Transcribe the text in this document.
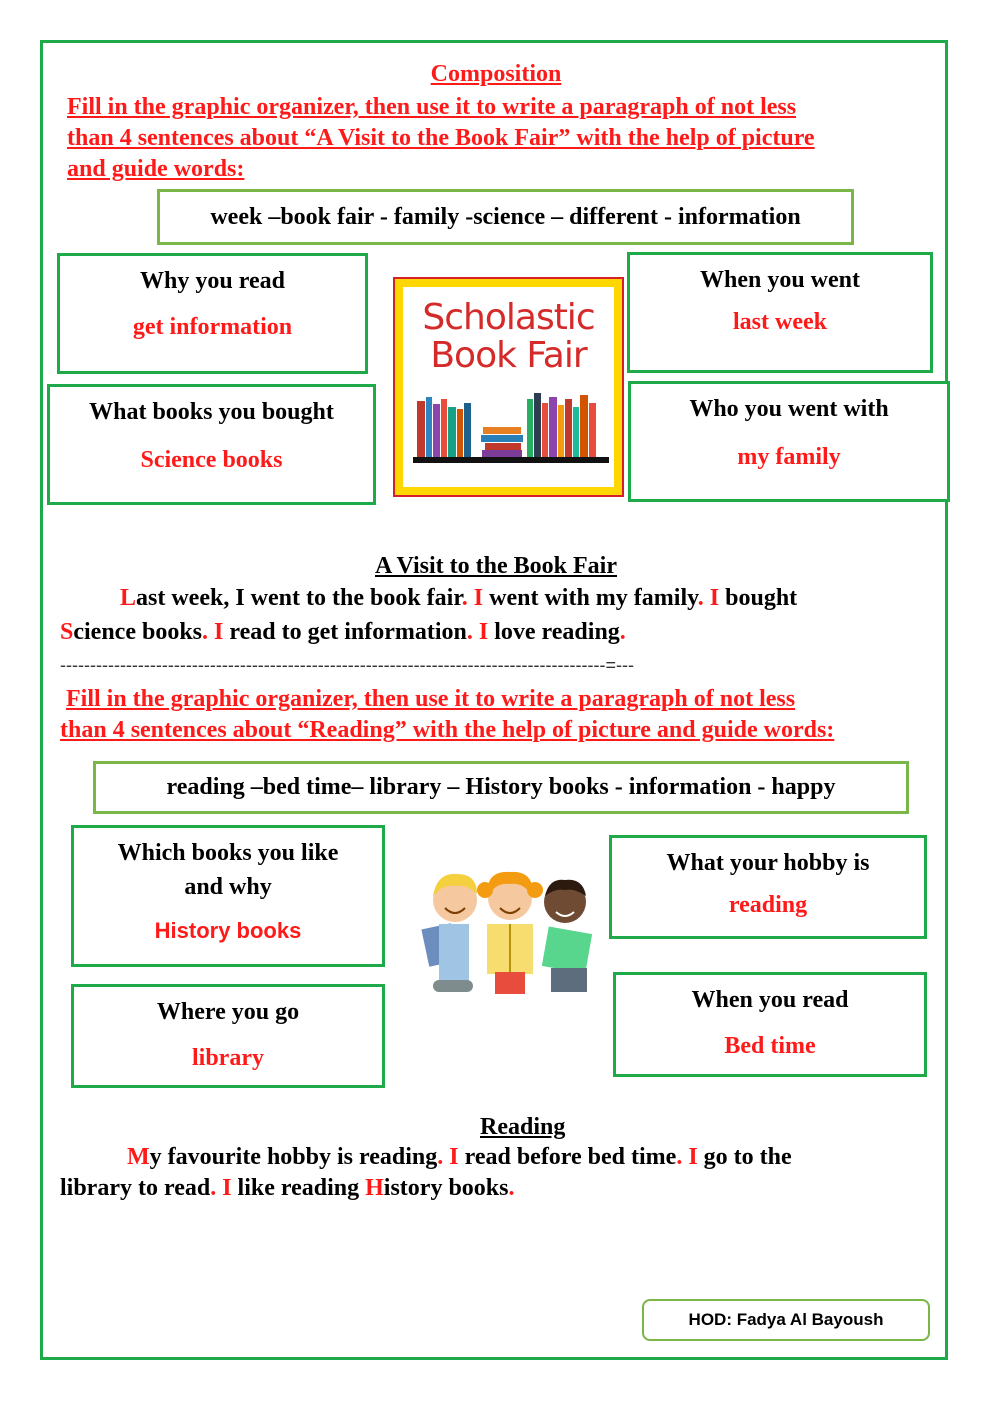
Composition
Fill in the graphic organizer, then use it to write a paragraph of not less
than 4 sentences about “A Visit to the Book Fair” with the help of picture
and guide words:
week –book fair - family -science – different - information
Why you read
get information
When you went
last week
What books you bought
Science books
Who you went with
my family
Scholastic
Book Fair
A Visit to the Book Fair
Last week, I went to the book fair. I went with my family. I bought
Science books. I read to get information. I love reading.
-------------------------------------------------------------------------------------------=---
Fill in the graphic organizer, then use it to write a paragraph of not less
than 4 sentences about “Reading” with the help of picture and guide words:
reading –bed time– library – History books - information - happy
Which books you like
and why
History books
What your hobby is
reading
Where you go
library
When you read
Bed time
Reading
My favourite hobby is reading. I read before bed time. I go to the
library to read. I like reading History books.
HOD: Fadya Al Bayoush
